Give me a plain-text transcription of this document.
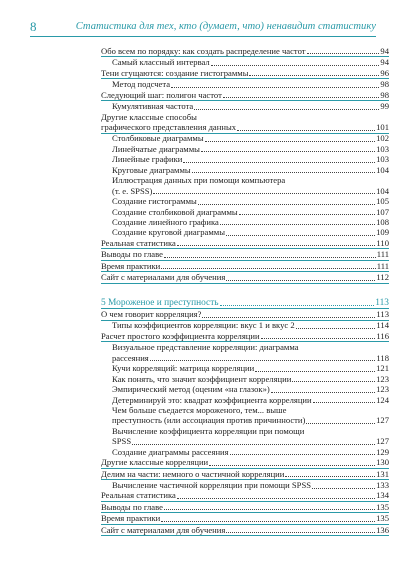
8	Статистика для тех, кто (думает, что) ненавидит статистику
Обо всем по порядку: как создать распределение частот	94
Самый классный интервал	94
Тени сгущаются: создание гистограммы	96
Метод подсчета	98
Следующий шаг: полигон частот	98
Кумулятивная частота	99
Другие классные способы
графического представления данных	101
Столбиковые диаграммы	102
Линейчатые диаграммы	103
Линейные графики	103
Круговые диаграммы	104
Иллюстрация данных при помощи компьютера
(т. е. SPSS)	104
Создание гистограммы	105
Создание столбиковой диаграммы	107
Создание линейного графика	108
Создание круговой диаграммы	109
Реальная статистика	110
Выводы по главе	111
Время практики	111
Сайт с материалами для обучения	112
5 Мороженое и преступность	113
О чем говорит корреляция?	113
Типы коэффициентов корреляции: вкус 1 и вкус 2	114
Расчет простого коэффициента корреляции	116
Визуальное представление корреляции: диаграмма
рассеяния	118
Кучи корреляций: матрица корреляции	121
Как понять, что значит коэффициент корреляции	123
Эмпирический метод (оценим «на глазок»)	123
Детерминируй это: квадрат коэффициента корреляции	124
Чем больше съедается мороженого, тем... выше
преступность (или ассоциация против причинности)	127
Вычисление коэффициента корреляции при помощи
SPSS	127
Создание диаграммы рассеяния	129
Другие классные корреляции	130
Делим на части: немного о частичной корреляции	131
Вычисление частичной корреляции при помощи SPSS	133
Реальная статистика	134
Выводы по главе	135
Время практики	135
Сайт с материалами для обучения	136
